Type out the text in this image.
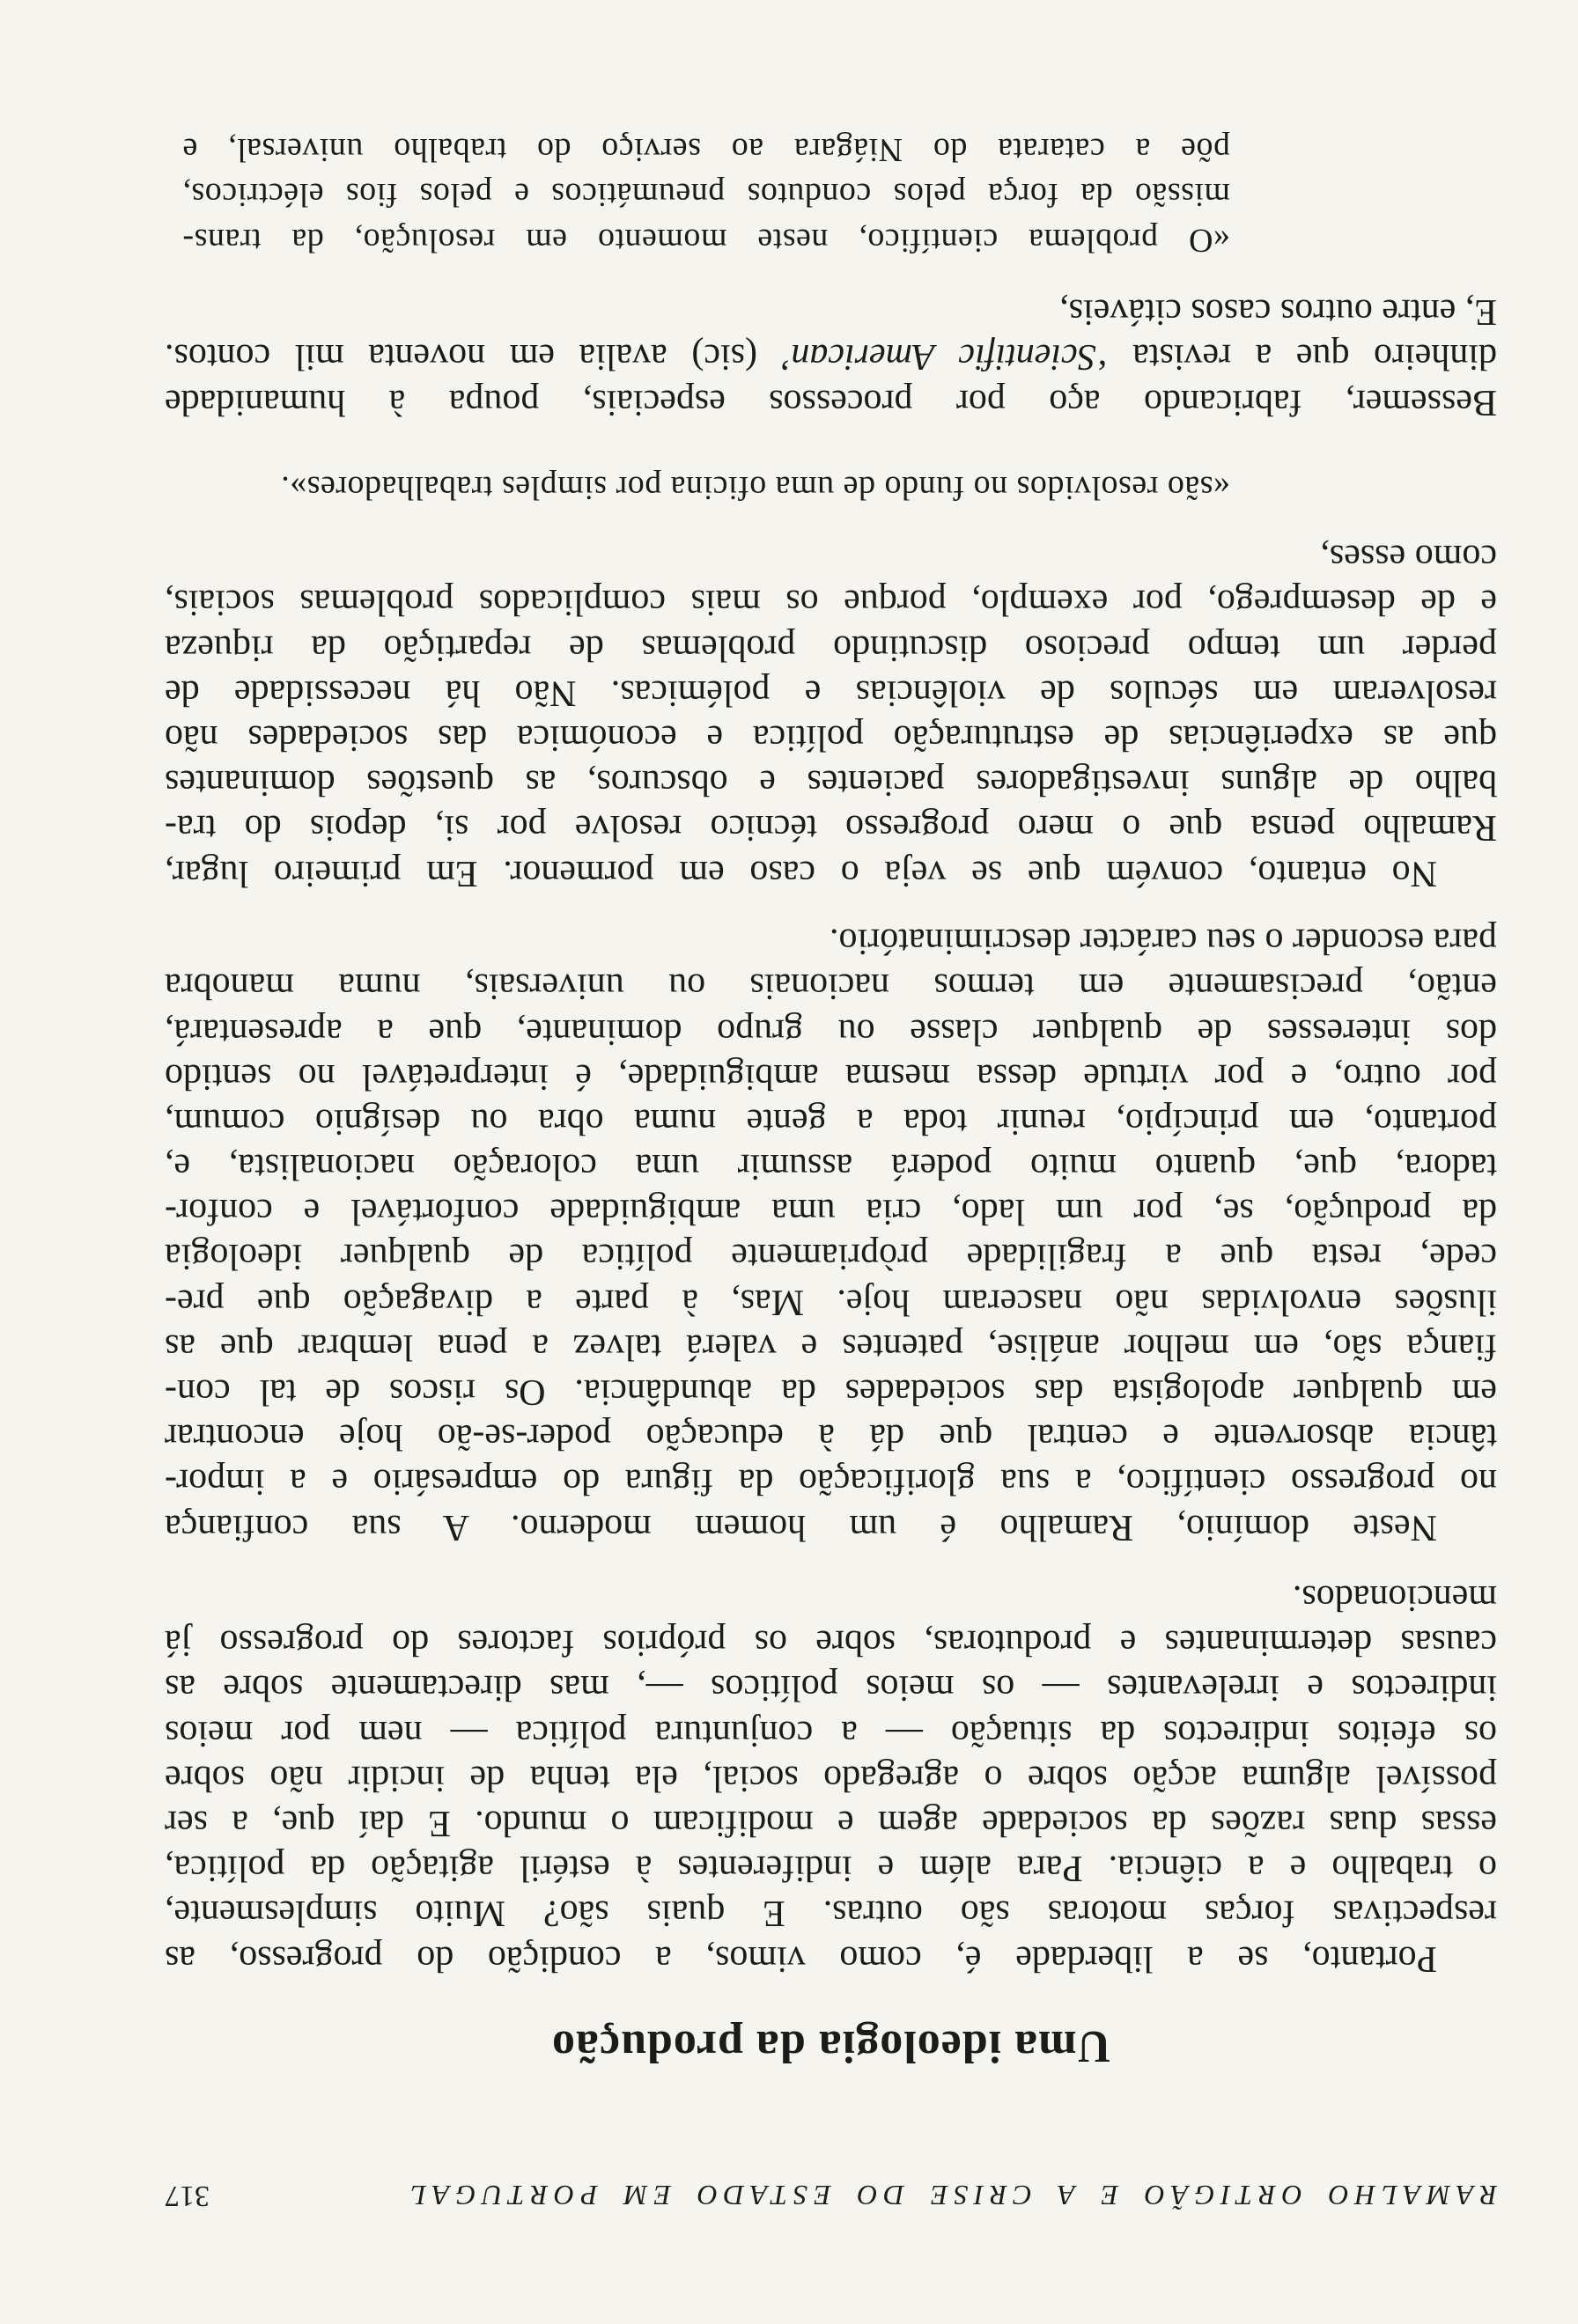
RAMALHO ORTIGÃO E A CRISE DO ESTADO EM PORTUGAL
317
Uma ideologia da produção
Portanto, se a liberdade é, como vimos, a condição do progresso, as
respectivas forças motoras são outras. E quais são? Muito simplesmente,
o trabalho e a ciência. Para além e indiferentes à estéril agitação da política,
essas duas razões da sociedade agem e modificam o mundo. E daí que, a ser
possível alguma acção sobre o agregado social, ela tenha de incidir não sobre
os efeitos indirectos da situação — a conjuntura política — nem por meios
indirectos e irrelevantes — os meios políticos —, mas directamente sobre as
causas determinantes e produtoras, sobre os próprios factores do progresso já
mencionados.
Neste domínio, Ramalho é um homem moderno. A sua confiança
no progresso científico, a sua glorificação da figura do empresário e a impor-
tância absorvente e central que dá à educação poder-se-ão hoje encontrar
em qualquer apologista das sociedades da abundância. Os riscos de tal con-
fiança são, em melhor análise, patentes e valerá talvez a pena lembrar que as
ilusões envolvidas não nasceram hoje. Mas, à parte a divagação que pre-
cede, resta que a fragilidade pròpriamente política de qualquer ideologia
da produção, se, por um lado, cria uma ambiguidade confortável e confor-
tadora, que, quanto muito poderá assumir uma coloração nacionalista, e,
portanto, em princípio, reunir toda a gente numa obra ou desígnio comum,
por outro, e por virtude dessa mesma ambiguidade, é interpretável no sentido
dos interesses de qualquer classe ou grupo dominante, que a apresentará,
então, precisamente em termos nacionais ou universais, numa manobra
para esconder o seu carácter descriminatório.
No entanto, convém que se veja o caso em pormenor. Em primeiro lugar,
Ramalho pensa que o mero progresso técnico resolve por si, depois do tra-
balho de alguns investigadores pacientes e obscuros, as questões dominantes
que as experiências de estruturação política e económica das sociedades não
resolveram em séculos de violências e polémicas. Não há necessidade de
perder um tempo precioso discutindo problemas de repartição da riqueza
e de desemprego, por exemplo, porque os mais complicados problemas sociais,
como esses,
«são resolvidos no fundo de uma oficina por simples trabalhadores».
Bessemer, fabricando aço por processos especiais, poupa à humanidade
dinheiro que a revista ‘Scientific American’ (sic) avalia em noventa mil contos.
E, entre outros casos citáveis,
«O problema científico, neste momento em resolução, da trans-
missão da força pelos condutos pneumáticos e pelos fios eléctricos,
põe a catarata do Niágara ao serviço do trabalho universal, e
